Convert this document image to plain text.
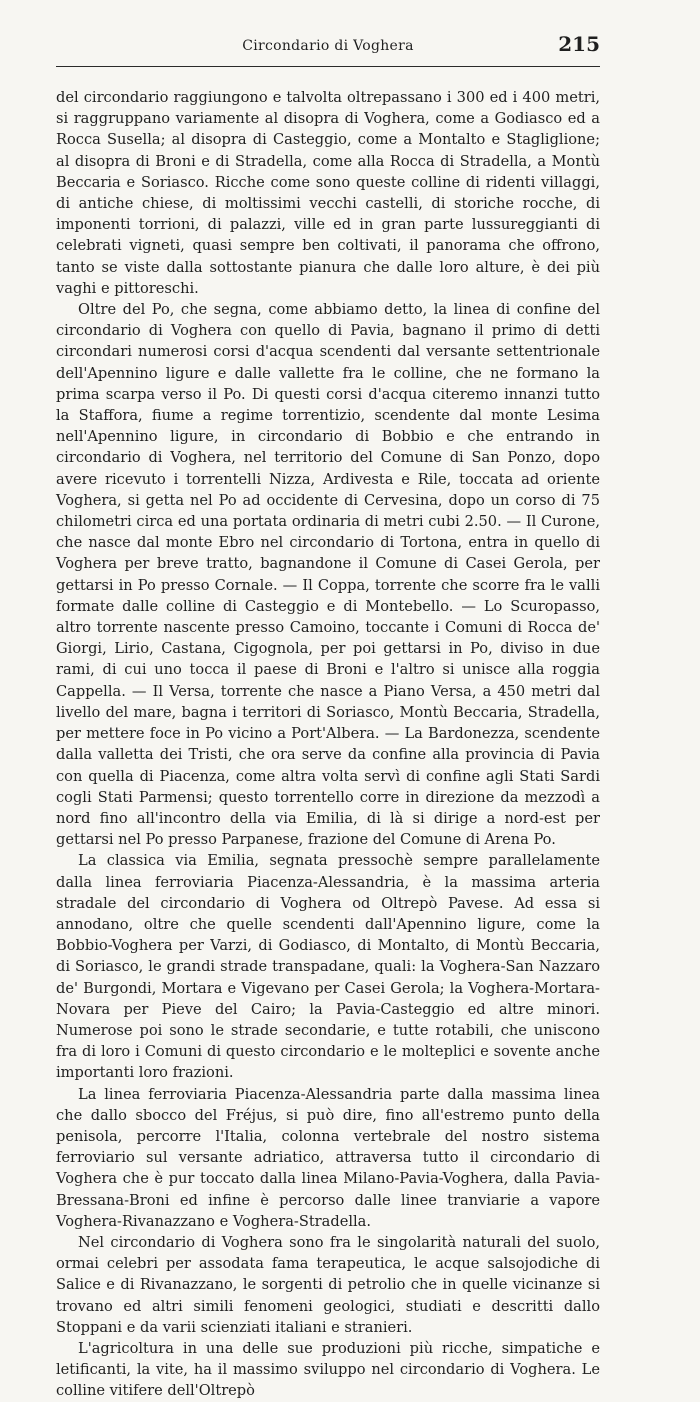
Circondario di Voghera	215

del circondario raggiungono e talvolta oltrepassano i 300 ed i 400 metri, si raggruppano variamente al disopra di Voghera, come a Godiasco ed a Rocca Susella; al disopra di Casteggio, come a Montalto e Stagliglione; al disopra di Broni e di Stradella, come alla Rocca di Stradella, a Montù Beccaria e Soriasco. Ricche come sono queste colline di ridenti villaggi, di antiche chiese, di moltissimi vecchi castelli, di storiche rocche, di imponenti torrioni, di palazzi, ville ed in gran parte lussureggianti di celebrati vigneti, quasi sempre ben coltivati, il panorama che offrono, tanto se viste dalla sottostante pianura che dalle loro alture, è dei più vaghi e pittoreschi.

Oltre del Po, che segna, come abbiamo detto, la linea di confine del circondario di Voghera con quello di Pavia, bagnano il primo di detti circondari numerosi corsi d'acqua scendenti dal versante settentrionale dell'Apennino ligure e dalle vallette fra le colline, che ne formano la prima scarpa verso il Po. Di questi corsi d'acqua citeremo innanzi tutto la Staffora, fiume a regime torrentizio, scendente dal monte Lesima nell'Apennino ligure, in circondario di Bobbio e che entrando in circondario di Voghera, nel territorio del Comune di San Ponzo, dopo avere ricevuto i torrentelli Nizza, Ardivesta e Rile, toccata ad oriente Voghera, si getta nel Po ad occidente di Cervesina, dopo un corso di 75 chilometri circa ed una portata ordinaria di metri cubi 2.50. — Il Curone, che nasce dal monte Ebro nel circondario di Tortona, entra in quello di Voghera per breve tratto, bagnandone il Comune di Casei Gerola, per gettarsi in Po presso Cornale. — Il Coppa, torrente che scorre fra le valli formate dalle colline di Casteggio e di Montebello. — Lo Scuropasso, altro torrente nascente presso Camoino, toccante i Comuni di Rocca de' Giorgi, Lirio, Castana, Cigognola, per poi gettarsi in Po, diviso in due rami, di cui uno tocca il paese di Broni e l'altro si unisce alla roggia Cappella. — Il Versa, torrente che nasce a Piano Versa, a 450 metri dal livello del mare, bagna i territori di Soriasco, Montù Beccaria, Stradella, per mettere foce in Po vicino a Port'Albera. — La Bardonezza, scendente dalla valletta dei Tristi, che ora serve da confine alla provincia di Pavia con quella di Piacenza, come altra volta servì di confine agli Stati Sardi cogli Stati Parmensi; questo torrentello corre in direzione da mezzodì a nord fino all'incontro della via Emilia, di là si dirige a nord-est per gettarsi nel Po presso Parpanese, frazione del Comune di Arena Po.

La classica via Emilia, segnata pressochè sempre parallelamente dalla linea ferroviaria Piacenza-Alessandria, è la massima arteria stradale del circondario di Voghera od Oltrepò Pavese. Ad essa si annodano, oltre che quelle scendenti dall'Apennino ligure, come la Bobbio-Voghera per Varzi, di Godiasco, di Montalto, di Montù Beccaria, di Soriasco, le grandi strade transpadane, quali: la Voghera-San Nazzaro de' Burgondi, Mortara e Vigevano per Casei Gerola; la Voghera-Mortara-Novara per Pieve del Cairo; la Pavia-Casteggio ed altre minori. Numerose poi sono le strade secondarie, e tutte rotabili, che uniscono fra di loro i Comuni di questo circondario e le molteplici e sovente anche importanti loro frazioni.

La linea ferroviaria Piacenza-Alessandria parte dalla massima linea che dallo sbocco del Fréjus, si può dire, fino all'estremo punto della penisola, percorre l'Italia, colonna vertebrale del nostro sistema ferroviario sul versante adriatico, attraversa tutto il circondario di Voghera che è pur toccato dalla linea Milano-Pavia-Voghera, dalla Pavia-Bressana-Broni ed infine è percorso dalle linee tranviarie a vapore Voghera-Rivanazzano e Voghera-Stradella.

Nel circondario di Voghera sono fra le singolarità naturali del suolo, ormai celebri per assodata fama terapeutica, le acque salsojodiche di Salice e di Rivanazzano, le sorgenti di petrolio che in quelle vicinanze si trovano ed altri simili fenomeni geologici, studiati e descritti dallo Stoppani e da varii scienziati italiani e stranieri.

L'agricoltura in una delle sue produzioni più ricche, simpatiche e letificanti, la vite, ha il massimo sviluppo nel circondario di Voghera. Le colline vitifere dell'Oltrepò
